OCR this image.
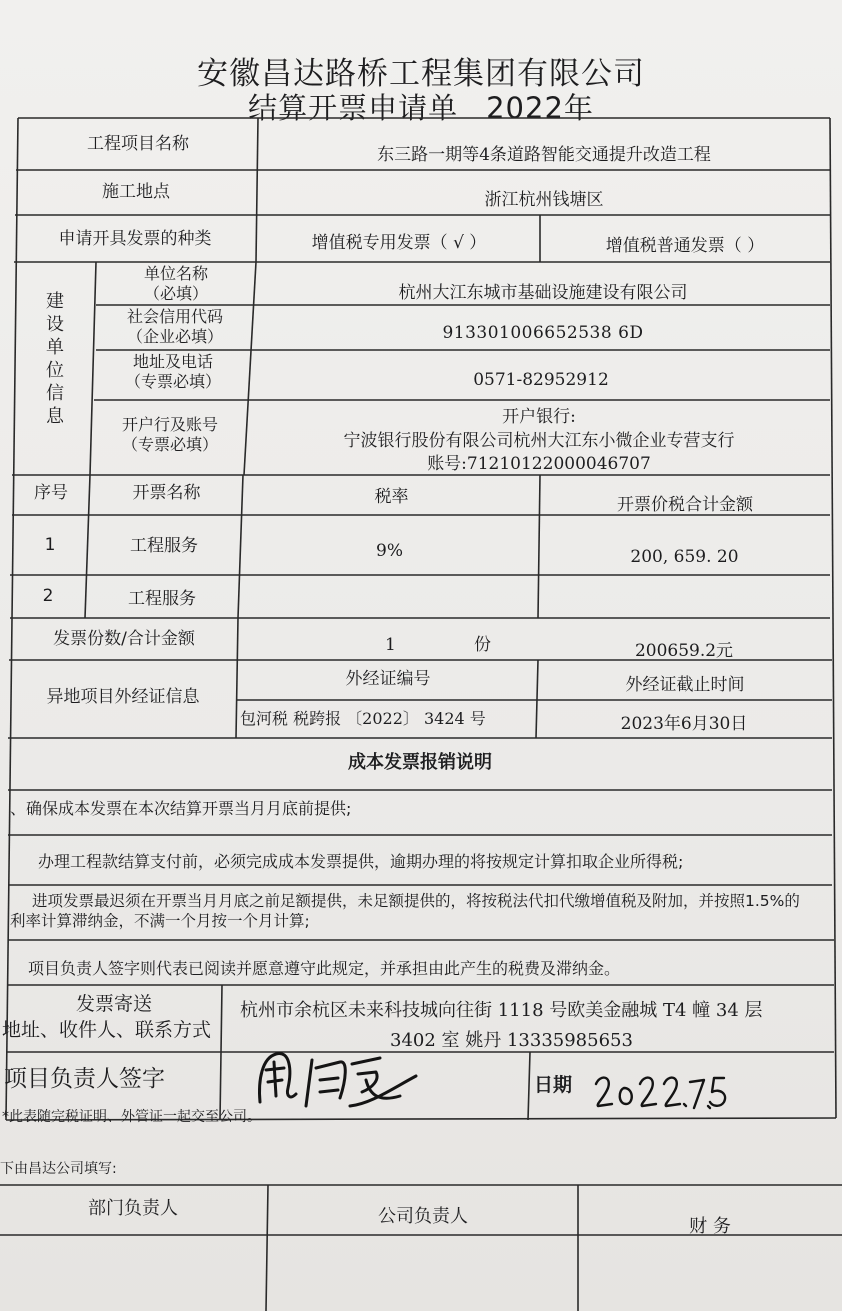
安徽昌达路桥工程集团有限公司
结算开票申请单 2022年
工程项目名称
东三路一期等4条道路智能交通提升改造工程
施工地点	浙江杭州钱塘区
申请开具发票的种类	增值税专用发票（ √ ）	增值税普通发票（ ）
建设单位信息
单位名称
（必填）	杭州大江东城市基础设施建设有限公司
社会信用代码
（企业必填）	913301006652538 6D
地址及电话
（专票必填）	0571-82952912
开户行及账号
（专票必填）
开户银行:
宁波银行股份有限公司杭州大江东小微企业专营支行
账号:71210122000046707
序号	开票名称	税率	开票价税合计金额
1	工程服务	9%	200, 659. 20
2	工程服务
发票份数/合计金额	1	份	200659.2元
异地项目外经证信息
外经证编号	外经证截止时间
包河税 税跨报 〔2022〕 3424 号	2023年6月30日
成本发票报销说明
、确保成本发票在本次结算开票当月月底前提供;
办理工程款结算支付前，必须完成成本发票提供，逾期办理的将按规定计算扣取企业所得税;
进项发票最迟须在开票当月月底之前足额提供，未足额提供的，将按税法代扣代缴增值税及附加，并按照1.5%的
利率计算滞纳金，不满一个月按一个月计算;
项目负责人签字则代表已阅读并愿意遵守此规定，并承担由此产生的税费及滞纳金。
发票寄送
地址、收件人、联系方式
杭州市余杭区未来科技城向往街 1118 号欧美金融城 T4 幢 34 层
3402 室 姚丹 13335985653
项目负责人签字	日期
*此表随完税证明、外管证一起交至公司。
下由昌达公司填写:
部门负责人	公司负责人	财 务
